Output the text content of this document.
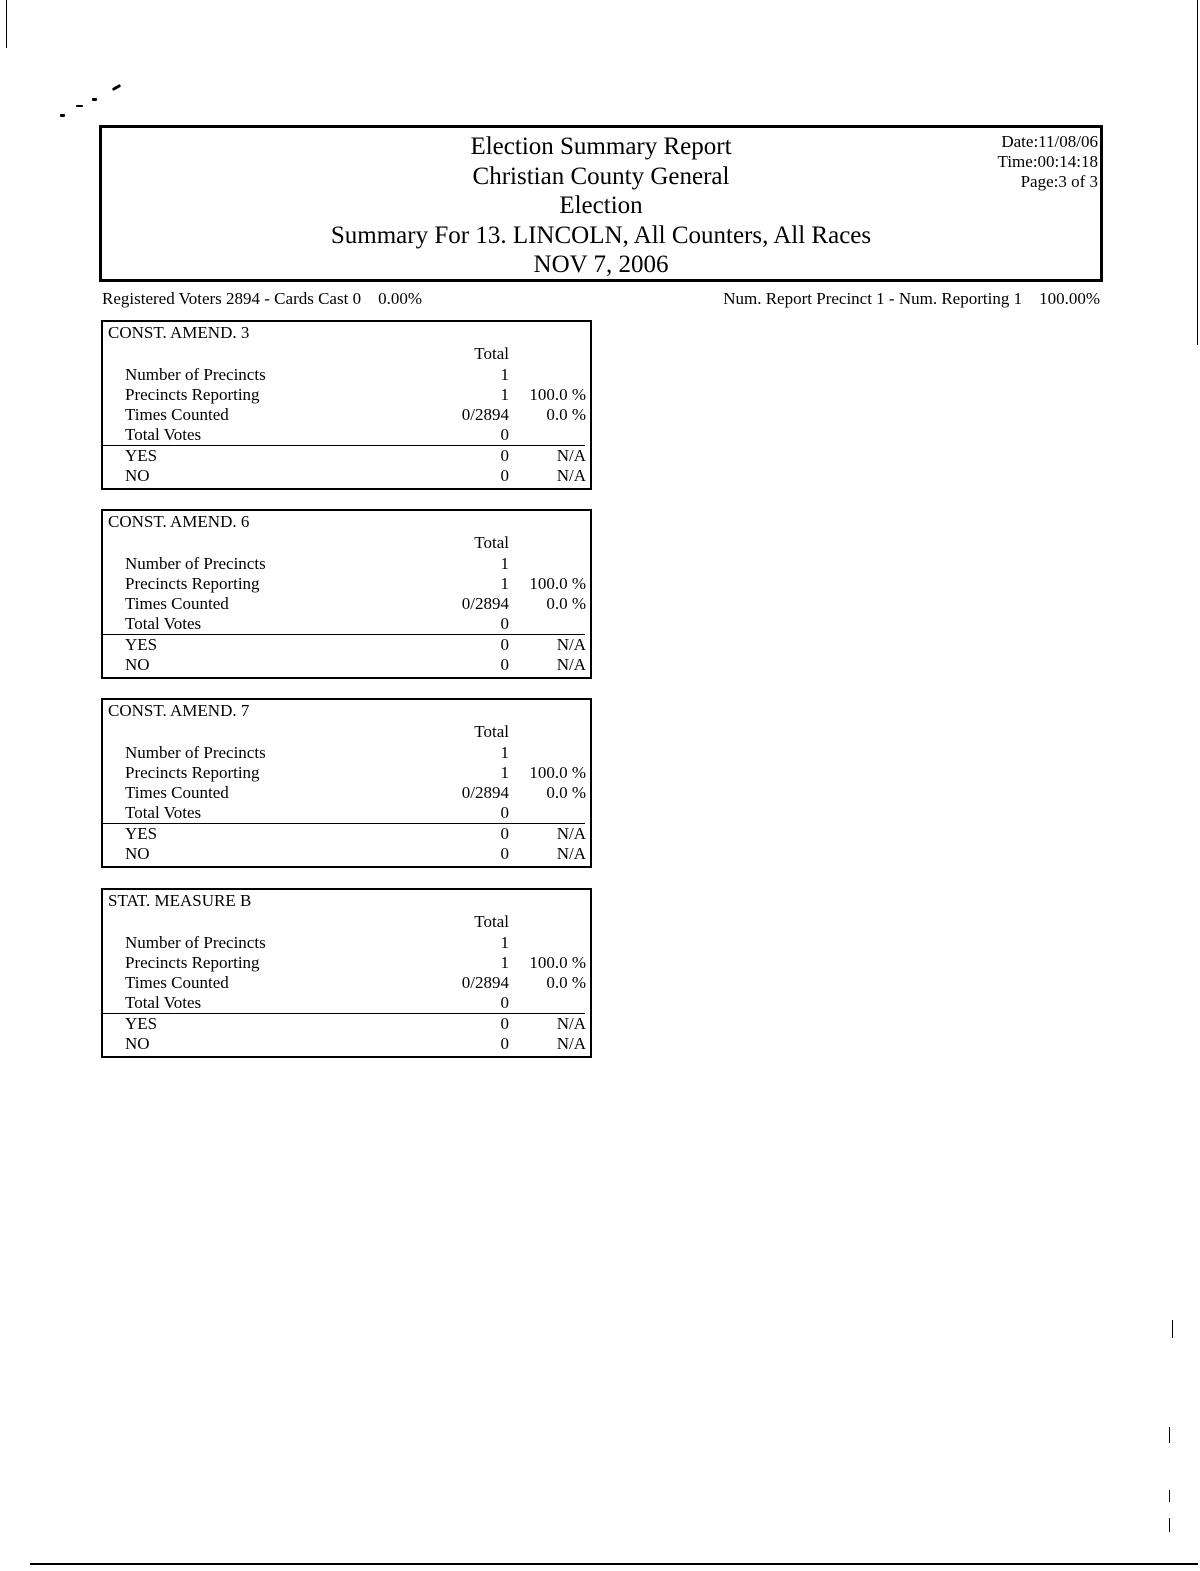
Election Summary Report
Christian County General
Election
Summary For 13. LINCOLN, All Counters, All Races
NOV 7, 2006
Date:11/08/06
Time:00:14:18
Page:3 of 3
Registered Voters 2894 - Cards Cast 0    0.00%	Num. Report Precinct 1 - Num. Reporting 1    100.00%
CONST. AMEND. 3
Total
Number of Precincts	1
Precincts Reporting	1	100.0 %
Times Counted	0/2894	0.0 %
Total Votes	0
YES	0	N/A
NO	0	N/A
CONST. AMEND. 6
Total
Number of Precincts	1
Precincts Reporting	1	100.0 %
Times Counted	0/2894	0.0 %
Total Votes	0
YES	0	N/A
NO	0	N/A
CONST. AMEND. 7
Total
Number of Precincts	1
Precincts Reporting	1	100.0 %
Times Counted	0/2894	0.0 %
Total Votes	0
YES	0	N/A
NO	0	N/A
STAT. MEASURE B
Total
Number of Precincts	1
Precincts Reporting	1	100.0 %
Times Counted	0/2894	0.0 %
Total Votes	0
YES	0	N/A
NO	0	N/A
